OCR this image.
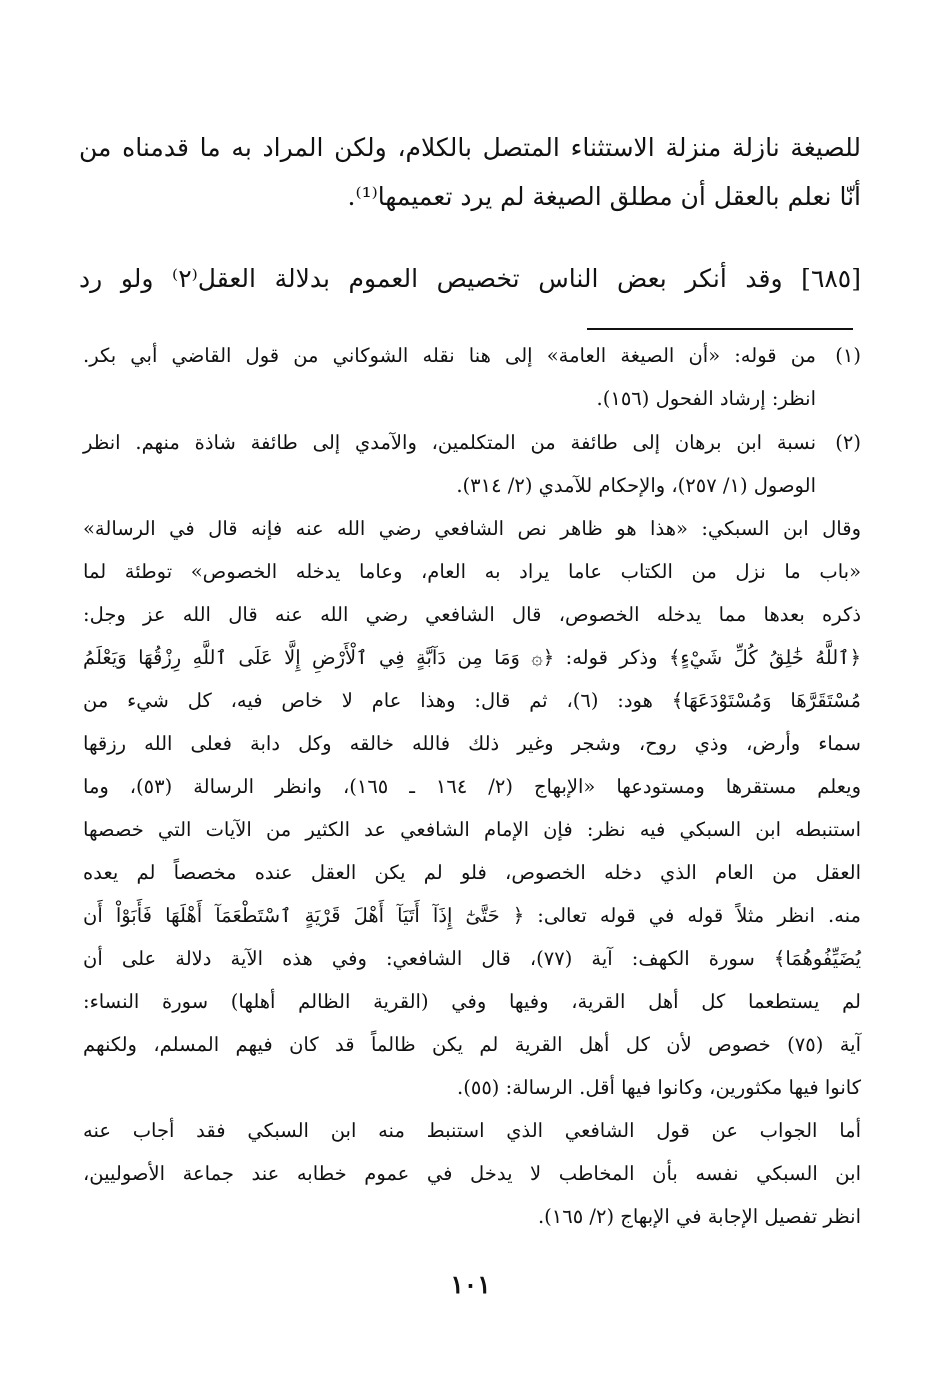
للصيغة نازلة منزلة الاستثناء المتصل بالكلام، ولكن المراد به ما قدمناه من
أنّا نعلم بالعقل أن مطلق الصيغة لم يرد تعميمها⁽¹⁾.
[٦٨٥] وقد أنكر بعض الناس تخصيص العموم بدلالة العقل⁽٢⁾ ولو رد
(١)
من قوله: «أن الصيغة العامة» إلى هنا نقله الشوكاني من قول القاضي أبي بكر.
انظر: إرشاد الفحول (١٥٦).
(٢)
نسبة ابن برهان إلى طائفة من المتكلمين، والآمدي إلى طائفة شاذة منهم. انظر
الوصول (١/ ٢٥٧)، والإحكام للآمدي (٢/ ٣١٤).
وقال ابن السبكي: «هذا هو ظاهر نص الشافعي رضي الله عنه فإنه قال في الرسالة»
«باب ما نزل من الكتاب عاما يراد به العام، وعاما يدخله الخصوص» توطئة لما
ذكره بعدها مما يدخله الخصوص، قال الشافعي رضي الله عنه قال الله عز وجل:
﴿ٱللَّهُ خَٰلِقُ كُلِّ شَيْءٍ﴾ وذكر قوله: ﴿۞ وَمَا مِن دَآبَّةٍ فِي ٱلْأَرْضِ إِلَّا عَلَى ٱللَّهِ رِزْقُهَا وَيَعْلَمُ
مُسْتَقَرَّهَا وَمُسْتَوْدَعَهَا﴾ هود: (٦)، ثم قال: وهذا عام لا خاص فيه، كل شيء من
سماء وأرض، وذي روح، وشجر وغير ذلك فالله خالقه وكل دابة فعلى الله رزقها
ويعلم مستقرها ومستودعها «الإبهاج (٢/ ١٦٤ ـ ١٦٥)، وانظر الرسالة (٥٣)، وما
استنبطه ابن السبكي فيه نظر: فإن الإمام الشافعي عد الكثير من الآيات التي خصصها
العقل من العام الذي دخله الخصوص، فلو لم يكن العقل عنده مخصصاً لم يعده
منه. انظر مثلاً قوله في قوله تعالى: ﴿ حَتَّىٰٓ إِذَآ أَتَيَآ أَهْلَ قَرْيَةٍ ٱسْتَطْعَمَآ أَهْلَهَا فَأَبَوْاْ أَن
يُضَيِّفُوهُمَا﴾ سورة الكهف: آية (٧٧)، قال الشافعي: وفي هذه الآية دلالة على أن
لم يستطعما كل أهل القرية، وفيها وفي (القرية الظالم أهلها) سورة النساء:
آية (٧٥) خصوص لأن كل أهل القرية لم يكن ظالماً قد كان فيهم المسلم، ولكنهم
كانوا فيها مكثورين، وكانوا فيها أقل. الرسالة: (٥٥).
أما الجواب عن قول الشافعي الذي استنبط منه ابن السبكي فقد أجاب عنه
ابن السبكي نفسه بأن المخاطب لا يدخل في عموم خطابه عند جماعة الأصوليين،
انظر تفصيل الإجابة في الإبهاج (٢/ ١٦٥).
١٠١
